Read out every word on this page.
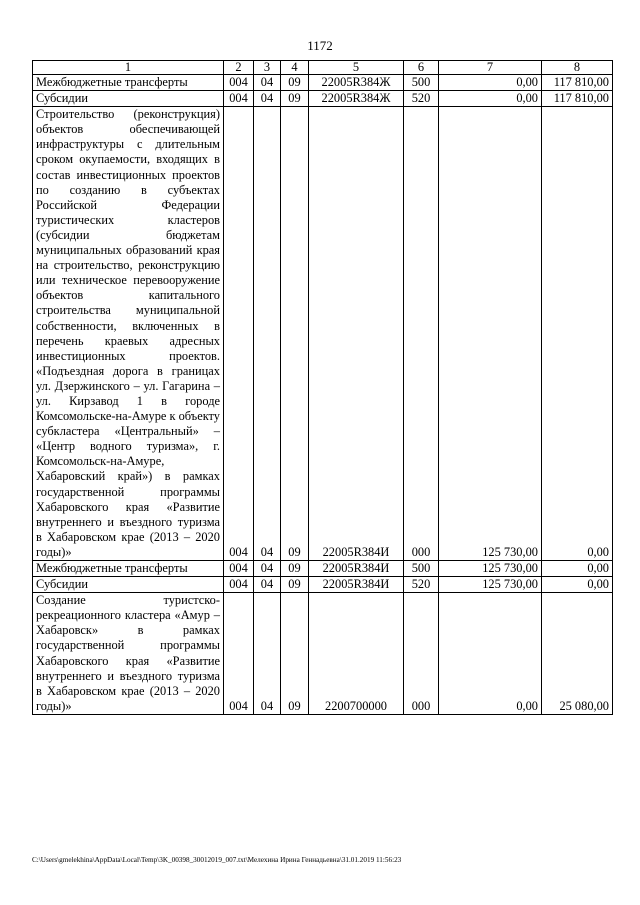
1172
1	2	3	4	5	6	7	8
Межбюджетные трансферты	004	04	09	22005R384Ж	500	0,00	117 810,00
Субсидии	004	04	09	22005R384Ж	520	0,00	117 810,00
Строительство (реконструкция) объектов обеспечивающей инфраструктуры с длительным сроком окупаемости, входящих в состав инвестиционных проектов по созданию в субъектах Российской Федерации туристических кластеров (субсидии бюджетам муниципальных образований края на строительство, реконструкцию или техническое перевооружение объектов капитального строительства муниципальной собственности, включенных в перечень краевых адресных инвестиционных проектов. «Подъездная дорога в границах ул. Дзержинского – ул. Гагарина – ул. Кирзавод 1 в городе Комсомольске-на-Амуре к объекту субкластера «Центральный» – «Центр водного туризма», г. Комсомольск-на-Амуре, Хабаровский край») в рамках государственной программы Хабаровского края «Развитие внутреннего и въездного туризма в Хабаровском крае (2013 – 2020 годы)»	004	04	09	22005R384И	000	125 730,00	0,00
Межбюджетные трансферты	004	04	09	22005R384И	500	125 730,00	0,00
Субсидии	004	04	09	22005R384И	520	125 730,00	0,00
Создание туристско-рекреационного кластера «Амур – Хабаровск» в рамках государственной программы Хабаровского края «Развитие внутреннего и въездного туризма в Хабаровском крае (2013 – 2020 годы)»	004	04	09	2200700000	000	0,00	25 080,00
C:\Users\gmelekhina\AppData\Local\Temp\3K_00398_30012019_007.txt\Мелехина Ирина Геннадьевна\31.01.2019 11:56:23
